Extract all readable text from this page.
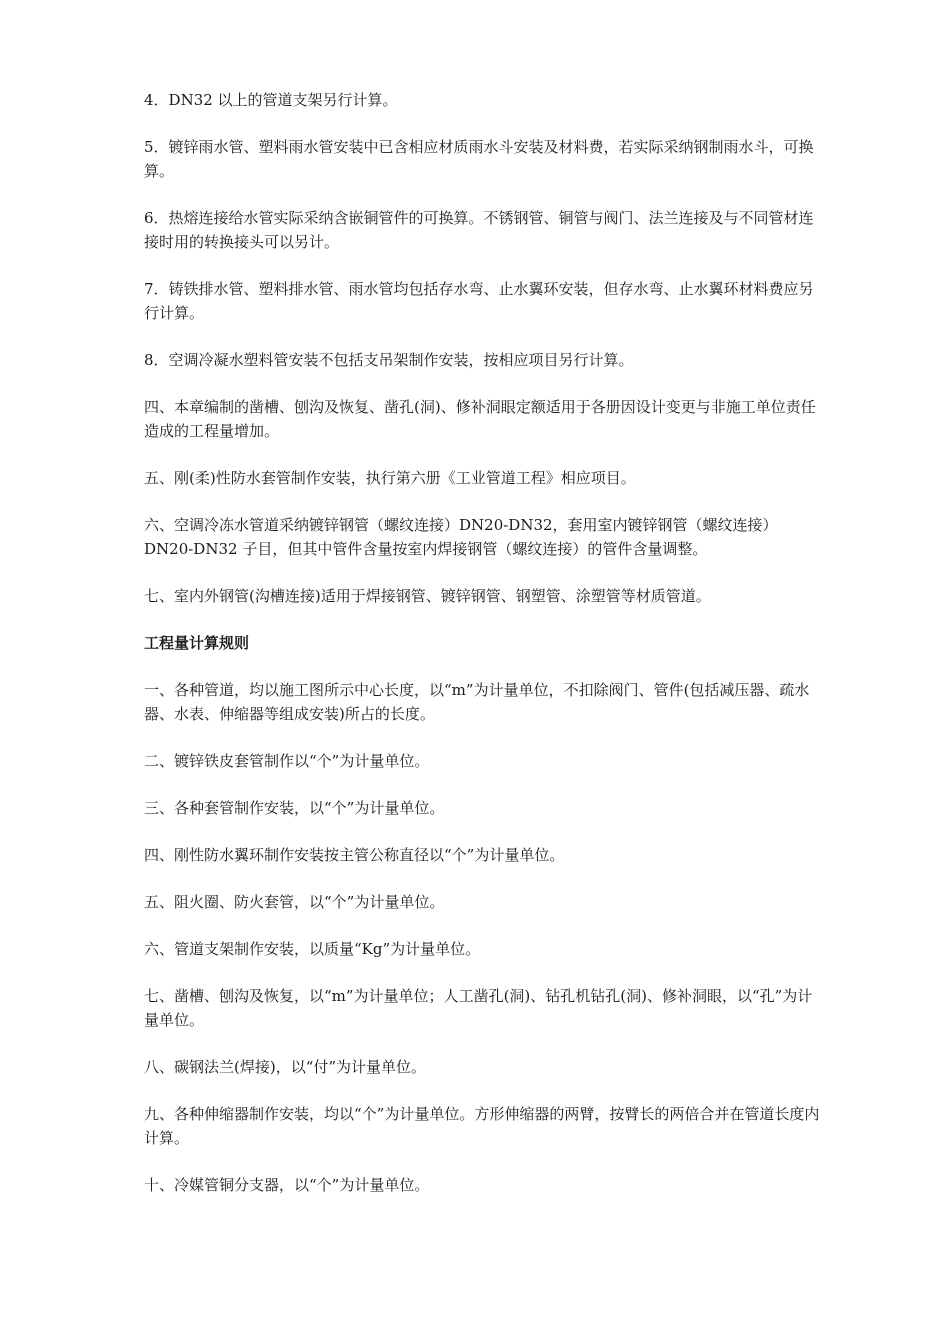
4．DN32 以上的管道支架另行计算。

5．镀锌雨水管、塑料雨水管安装中已含相应材质雨水斗安装及材料费，若实际采纳钢制雨水斗，可换算。

6．热熔连接给水管实际采纳含嵌铜管件的可换算。不锈钢管、铜管与阀门、法兰连接及与不同管材连接时用的转换接头可以另计。

7．铸铁排水管、塑料排水管、雨水管均包括存水弯、止水翼环安装，但存水弯、止水翼环材料费应另行计算。

8．空调冷凝水塑料管安装不包括支吊架制作安装，按相应项目另行计算。

四、本章编制的凿槽、刨沟及恢复、凿孔(洞)、修补洞眼定额适用于各册因设计变更与非施工单位责任造成的工程量增加。

五、刚(柔)性防水套管制作安装，执行第六册《工业管道工程》相应项目。

六、空调冷冻水管道采纳镀锌钢管（螺纹连接）DN20-DN32，套用室内镀锌钢管（螺纹连接）DN20-DN32 子目，但其中管件含量按室内焊接钢管（螺纹连接）的管件含量调整。

七、室内外钢管(沟槽连接)适用于焊接钢管、镀锌钢管、钢塑管、涂塑管等材质管道。

工程量计算规则

一、各种管道，均以施工图所示中心长度，以“m”为计量单位，不扣除阀门、管件(包括减压器、疏水器、水表、伸缩器等组成安装)所占的长度。

二、镀锌铁皮套管制作以“个”为计量单位。

三、各种套管制作安装，以“个”为计量单位。

四、刚性防水翼环制作安装按主管公称直径以“个”为计量单位。

五、阻火圈、防火套管，以“个”为计量单位。

六、管道支架制作安装，以质量“Kg”为计量单位。

七、凿槽、刨沟及恢复，以“m”为计量单位；人工凿孔(洞)、钻孔机钻孔(洞)、修补洞眼，以“孔”为计量单位。

八、碳钢法兰(焊接)，以“付”为计量单位。

九、各种伸缩器制作安装，均以“个”为计量单位。方形伸缩器的两臂，按臂长的两倍合并在管道长度内计算。

十、冷媒管铜分支器，以“个”为计量单位。
